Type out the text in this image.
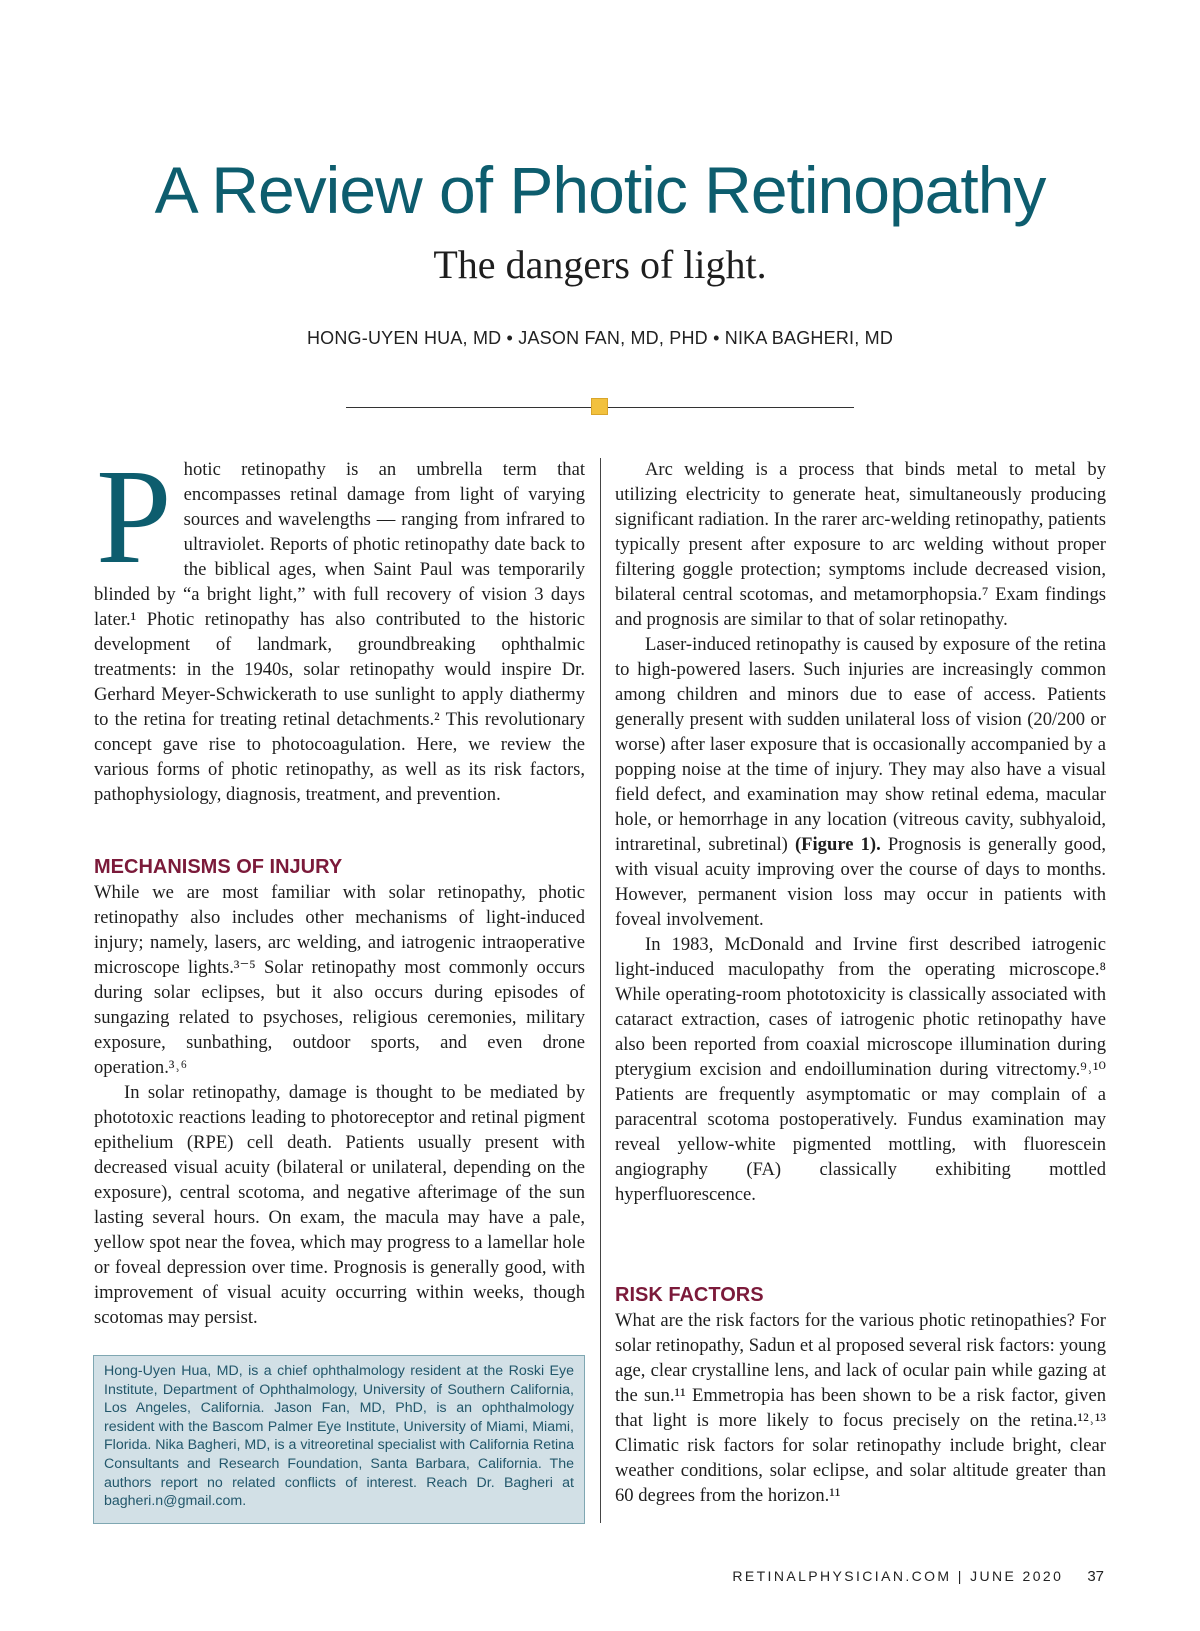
A Review of Photic Retinopathy
The dangers of light.
HONG-UYEN HUA, MD • JASON FAN, MD, PHD • NIKA BAGHERI, MD

Photic retinopathy is an umbrella term that encompasses retinal damage from light of varying sources and wavelengths — ranging from infrared to ultraviolet. Reports of photic retinopathy date back to the biblical ages, when Saint Paul was temporarily blinded by “a bright light,” with full recovery of vision 3 days later.¹ Photic retinopathy has also contributed to the historic development of landmark, groundbreaking ophthalmic treatments: in the 1940s, solar retinopathy would inspire Dr. Gerhard Meyer-Schwickerath to use sunlight to apply diathermy to the retina for treating retinal detachments.² This revolutionary concept gave rise to photocoagulation. Here, we review the various forms of photic retinopathy, as well as its risk factors, pathophysiology, diagnosis, treatment, and prevention.

MECHANISMS OF INJURY

While we are most familiar with solar retinopathy, photic retinopathy also includes other mechanisms of light-induced injury; namely, lasers, arc welding, and iatrogenic intraoperative microscope lights.³⁻⁵ Solar retinopathy most commonly occurs during solar eclipses, but it also occurs during episodes of sungazing related to psychoses, religious ceremonies, military exposure, sunbathing, outdoor sports, and even drone operation.³˒⁶

In solar retinopathy, damage is thought to be mediated by phototoxic reactions leading to photoreceptor and retinal pigment epithelium (RPE) cell death. Patients usually present with decreased visual acuity (bilateral or unilateral, depending on the exposure), central scotoma, and negative afterimage of the sun lasting several hours. On exam, the macula may have a pale, yellow spot near the fovea, which may progress to a lamellar hole or foveal depression over time. Prognosis is generally good, with improvement of visual acuity occurring within weeks, though scotomas may persist.

Hong-Uyen Hua, MD, is a chief ophthalmology resident at the Roski Eye Institute, Department of Ophthalmology, University of Southern California, Los Angeles, California. Jason Fan, MD, PhD, is an ophthalmology resident with the Bascom Palmer Eye Institute, University of Miami, Miami, Florida. Nika Bagheri, MD, is a vitreoretinal specialist with California Retina Consultants and Research Foundation, Santa Barbara, California. The authors report no related conflicts of interest. Reach Dr. Bagheri at bagheri.n@gmail.com.

Arc welding is a process that binds metal to metal by utilizing electricity to generate heat, simultaneously producing significant radiation. In the rarer arc-welding retinopathy, patients typically present after exposure to arc welding without proper filtering goggle protection; symptoms include decreased vision, bilateral central scotomas, and metamorphopsia.⁷ Exam findings and prognosis are similar to that of solar retinopathy.

Laser-induced retinopathy is caused by exposure of the retina to high-powered lasers. Such injuries are increasingly common among children and minors due to ease of access. Patients generally present with sudden unilateral loss of vision (20/200 or worse) after laser exposure that is occasionally accompanied by a popping noise at the time of injury. They may also have a visual field defect, and examination may show retinal edema, macular hole, or hemorrhage in any location (vitreous cavity, subhyaloid, intraretinal, subretinal) (Figure 1). Prognosis is generally good, with visual acuity improving over the course of days to months. However, permanent vision loss may occur in patients with foveal involvement.

In 1983, McDonald and Irvine first described iatrogenic light-induced maculopathy from the operating microscope.⁸ While operating-room phototoxicity is classically associated with cataract extraction, cases of iatrogenic photic retinopathy have also been reported from coaxial microscope illumination during pterygium excision and endoillumination during vitrectomy.⁹˒¹⁰ Patients are frequently asymptomatic or may complain of a paracentral scotoma postoperatively. Fundus examination may reveal yellow-white pigmented mottling, with fluorescein angiography (FA) classically exhibiting mottled hyperfluorescence.

RISK FACTORS

What are the risk factors for the various photic retinopathies? For solar retinopathy, Sadun et al proposed several risk factors: young age, clear crystalline lens, and lack of ocular pain while gazing at the sun.¹¹ Emmetropia has been shown to be a risk factor, given that light is more likely to focus precisely on the retina.¹²˒¹³ Climatic risk factors for solar retinopathy include bright, clear weather conditions, solar eclipse, and solar altitude greater than 60 degrees from the horizon.¹¹

RETINALPHYSICIAN.COM | JUNE 2020 37
